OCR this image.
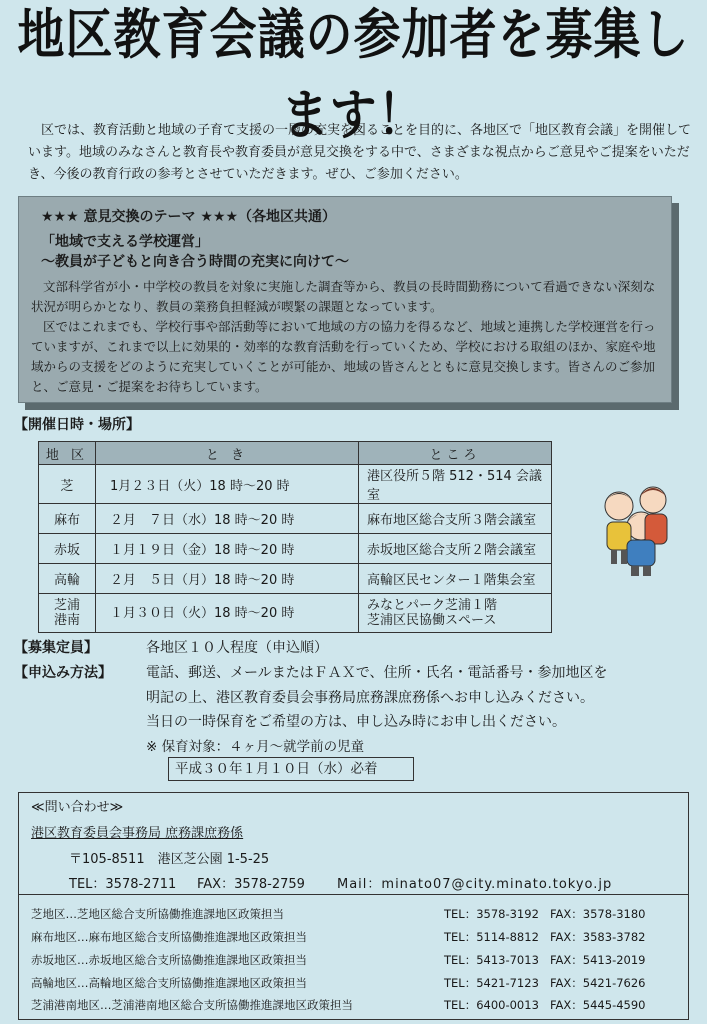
地区教育会議の参加者を募集します！
区では、教育活動と地域の子育て支援の一層の充実を図ることを目的に、各地区で「地区教育会議」を開催しています。地域のみなさんと教育長や教育委員が意見交換をする中で、さまざまな視点からご意見やご提案をいただき、今後の教育行政の参考とさせていただきます。ぜひ、ご参加ください。
★★★ 意見交換のテーマ ★★★（各地区共通）
「地域で支える学校運営」
～教員が子どもと向き合う時間の充実に向けて～

文部科学省が小・中学校の教員を対象に実施した調査等から、教員の長時間勤務について看過できない深刻な状況が明らかとなり、教員の業務負担軽減が喫緊の課題となっています。

区ではこれまでも、学校行事や部活動等において地域の方の協力を得るなど、地域と連携した学校運営を行っていますが、これまで以上に効果的・効率的な教育活動を行っていくため、学校における取組のほか、家庭や地域からの支援をどのように充実していくことが可能か、地域の皆さんとともに意見交換します。皆さんのご参加と、ご意見・ご提案をお待ちしています。

【開催日時・場所】
地 区	と き	ところ
芝	1月２３日（火）18 時～20 時	港区役所５階 512・514 会議室
麻布	２月　７日（水）18 時～20 時	麻布地区総合支所３階会議室
赤坂	１月１９日（金）18 時～20 時	赤坂地区総合支所２階会議室
高輪	２月　５日（月）18 時～20 時	高輪区民センター１階集会室
芝浦港南	１月３０日（火）18 時～20 時	みなとパーク芝浦１階
芝浦区民協働スペース
【募集定員】	各地区１０人程度（申込順）
【申込み方法】 電話、郵送、メールまたはＦＡＸで、住所・氏名・電話番号・参加地区を
明記の上、港区教育委員会事務局庶務課庶務係へお申し込みください。
当日の一時保育をご希望の方は、申し込み時にお申し出ください。
※ 保育対象：４ヶ月～就学前の児童
平成３０年１月１０日（水）必着
≪問い合わせ≫
港区教育委員会事務局 庶務課庶務係
〒105-8511　港区芝公園 1-5-25
TEL：3578-2711 FAX：3578-2759 Mail：minato07@city.minato.tokyo.jp
芝地区…芝地区総合支所協働推進課地区政策担当	TEL：3578-3192 FAX：3578-3180
麻布地区…麻布地区総合支所協働推進課地区政策担当	TEL：5114-8812 FAX：3583-3782
赤坂地区…赤坂地区総合支所協働推進課地区政策担当	TEL：5413-7013 FAX：5413-2019
高輪地区…高輪地区総合支所協働推進課地区政策担当	TEL：5421-7123 FAX：5421-7626
芝浦港南地区…芝浦港南地区総合支所協働推進課地区政策担当	TEL：6400-0013 FAX：5445-4590
